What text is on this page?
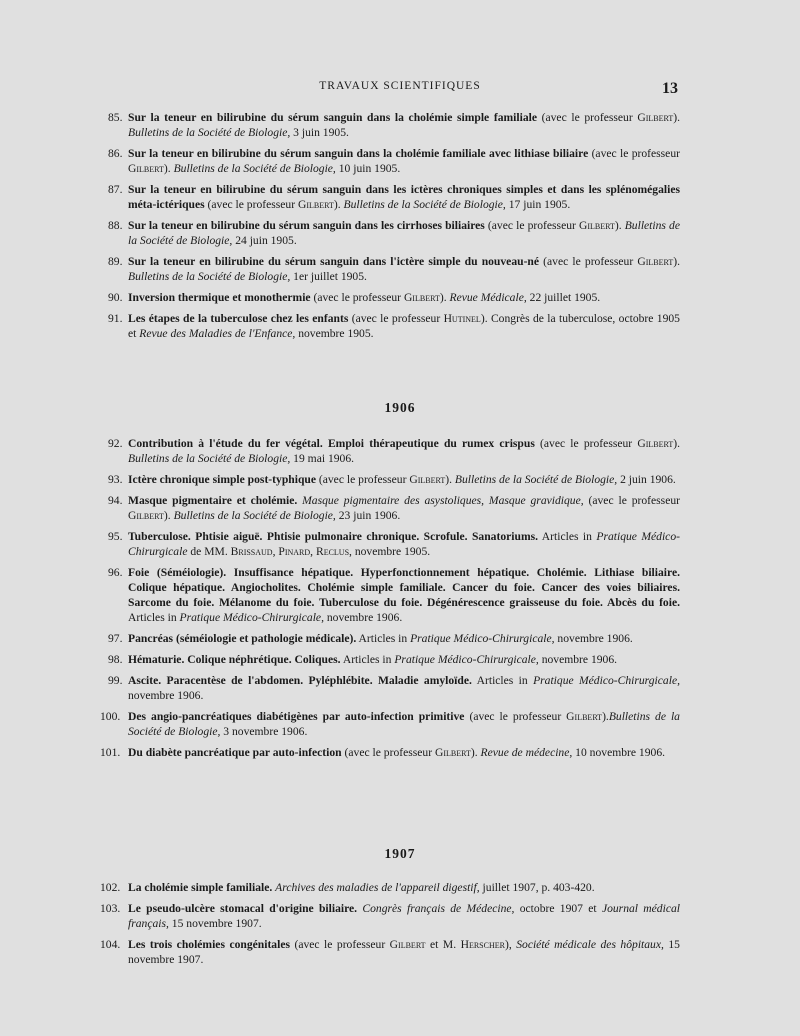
TRAVAUX SCIENTIFIQUES	13
85. Sur la teneur en bilirubine du sérum sanguin dans la cholémie simple familiale (avec le professeur Gilbert). Bulletins de la Société de Biologie, 3 juin 1905.
86. Sur la teneur en bilirubine du sérum sanguin dans la cholémie familiale avec lithiase biliaire (avec le professeur Gilbert). Bulletins de la Société de Biologie, 10 juin 1905.
87. Sur la teneur en bilirubine du sérum sanguin dans les ictères chroniques simples et dans les splénomégalies méta-ictériques (avec le professeur Gilbert). Bulletins de la Société de Biologie, 17 juin 1905.
88. Sur la teneur en bilirubine du sérum sanguin dans les cirrhoses biliaires (avec le professeur Gilbert). Bulletins de la Société de Biologie, 24 juin 1905.
89. Sur la teneur en bilirubine du sérum sanguin dans l'ictère simple du nouveau-né (avec le professeur Gilbert). Bulletins de la Société de Biologie, 1er juillet 1905.
90. Inversion thermique et monothermie (avec le professeur Gilbert). Revue Médicale, 22 juillet 1905.
91. Les étapes de la tuberculose chez les enfants (avec le professeur Hutinel). Congrès de la tuberculose, octobre 1905 et Revue des Maladies de l'Enfance, novembre 1905.
1906
92. Contribution à l'étude du fer végétal. Emploi thérapeutique du rumex crispus (avec le professeur Gilbert). Bulletins de la Société de Biologie, 19 mai 1906.
93. Ictère chronique simple post-typhique (avec le professeur Gilbert). Bulletins de la Société de Biologie, 2 juin 1906.
94. Masque pigmentaire et cholémie. Masque pigmentaire des asystoliques, Masque gravidique, (avec le professeur Gilbert). Bulletins de la Société de Biologie, 23 juin 1906.
95. Tuberculose. Phtisie aiguë. Phtisie pulmonaire chronique. Scrofule. Sanatoriums. Articles in Pratique Médico-Chirurgicale de MM. Brissaud, Pinard, Reclus, novembre 1905.
96. Foie (Séméiologie). Insuffisance hépatique. Hyperfonctionnement hépatique. Cholémie. Lithiase biliaire. Colique hépatique. Angiocholites. Cholémie simple familiale. Cancer du foie. Cancer des voies biliaires. Sarcome du foie. Mélanome du foie. Tuberculose du foie. Dégénérescence graisseuse du foie. Abcès du foie. Articles in Pratique Médico-Chirurgicale, novembre 1906.
97. Pancréas (séméiologie et pathologie médicale). Articles in Pratique Médico-Chirurgicale, novembre 1906.
98. Hématurie. Colique néphrétique. Coliques. Articles in Pratique Médico-Chirurgicale, novembre 1906.
99. Ascite. Paracentèse de l'abdomen. Pyléphlébite. Maladie amyloïde. Articles in Pratique Médico-Chirurgicale, novembre 1906.
100. Des angio-pancréatiques diabétigènes par auto-infection primitive (avec le professeur Gilbert).Bulletins de la Société de Biologie, 3 novembre 1906.
101. Du diabète pancréatique par auto-infection (avec le professeur Gilbert). Revue de médecine, 10 novembre 1906.
1907
102. La cholémie simple familiale. Archives des maladies de l'appareil digestif, juillet 1907, p. 403-420.
103. Le pseudo-ulcère stomacal d'origine biliaire. Congrès français de Médecine, octobre 1907 et Journal médical français, 15 novembre 1907.
104. Les trois cholémies congénitales (avec le professeur Gilbert et M. Herscher), Société médicale des hôpitaux, 15 novembre 1907.
